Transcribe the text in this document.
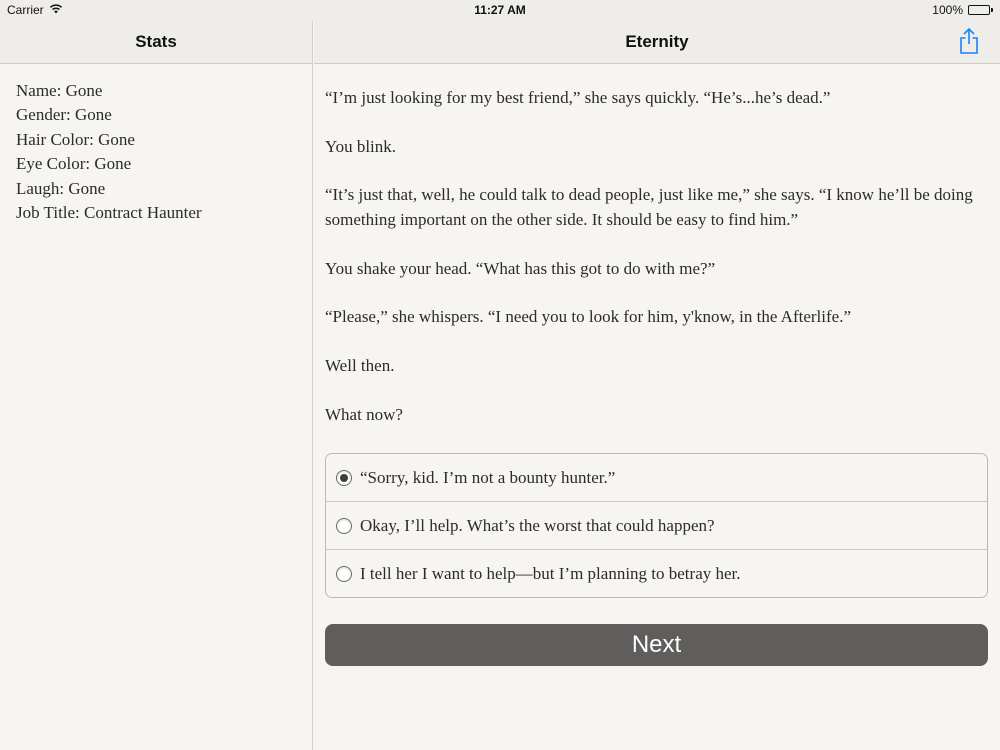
Carrier	11:27 AM	100%
Stats
Name: Gone
Gender: Gone
Hair Color: Gone
Eye Color: Gone
Laugh: Gone
Job Title: Contract Haunter
Eternity

“I’m just looking for my best friend,” she says quickly. “He’s...he’s dead.”

You blink.

“It’s just that, well, he could talk to dead people, just like me,” she says. “I know he’ll be doing something important on the other side. It should be easy to find him.”

You shake your head. “What has this got to do with me?”

“Please,” she whispers. “I need you to look for him, y'know, in the Afterlife.”

Well then.

What now?

“Sorry, kid. I’m not a bounty hunter.”
Okay, I’ll help. What’s the worst that could happen?
I tell her I want to help—but I’m planning to betray her.
Next
